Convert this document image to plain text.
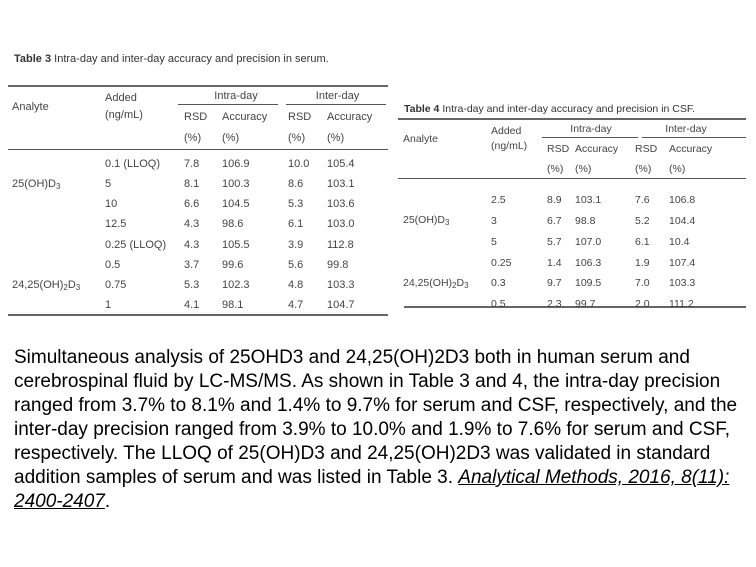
Table 3 Intra-day and inter-day accuracy and precision in serum.
Analyte	Added
(ng/mL)	Intra-day		Inter-day	
		RSD	Accuracy	RSD	Accuracy
		(%)	(%)	(%)	(%)

	0.1 (LLOQ)	7.8	106.9	10.0	105.4
$25(OH)D_3$	5	8.1	100.3	8.6	103.1
	10	6.6	104.5	5.3	103.6
	12.5	4.3	98.6	6.1	103.0
	0.25 (LLOQ)	4.3	105.5	3.9	112.8
	0.5	3.7	99.6	5.6	99.8
$24,25(OH)_2D_3$	0.75	5.3	102.3	4.8	103.3
	1	4.1	98.1	4.7	104.7
Table 4 Intra-day and inter-day accuracy and precision in CSF.
Analyte	Added
(ng/mL)	Intra-day		Inter-day	
		RSD	Accuracy	RSD	Accuracy
		(%)	(%)	(%)	(%)

	2.5	8.9	103.1	7.6	106.8
$25(OH)D_3$	3	6.7	98.8	5.2	104.4
	5	5.7	107.0	6.1	10.4
	0.25	1.4	106.3	1.9	107.4
$24,25(OH)_2D_3$	0.3	9.7	109.5	7.0	103.3
	0.5	2.3	99.7	2.0	111.2
Simultaneous analysis of 25OHD3 and 24,25(OH)2D3 both in human serum and cerebrospinal fluid by LC-MS/MS. As shown in Table 3 and 4, the intra-day precision ranged from 3.7% to 8.1% and 1.4% to 9.7% for serum and CSF, respectively, and the inter-day precision ranged from 3.9% to 10.0% and 1.9% to 7.6% for serum and CSF, respectively. The LLOQ of 25(OH)D3 and 24,25(OH)2D3 was validated in standard addition samples of serum and was listed in Table 3. Analytical Methods, 2016, 8(11): 2400-2407.
